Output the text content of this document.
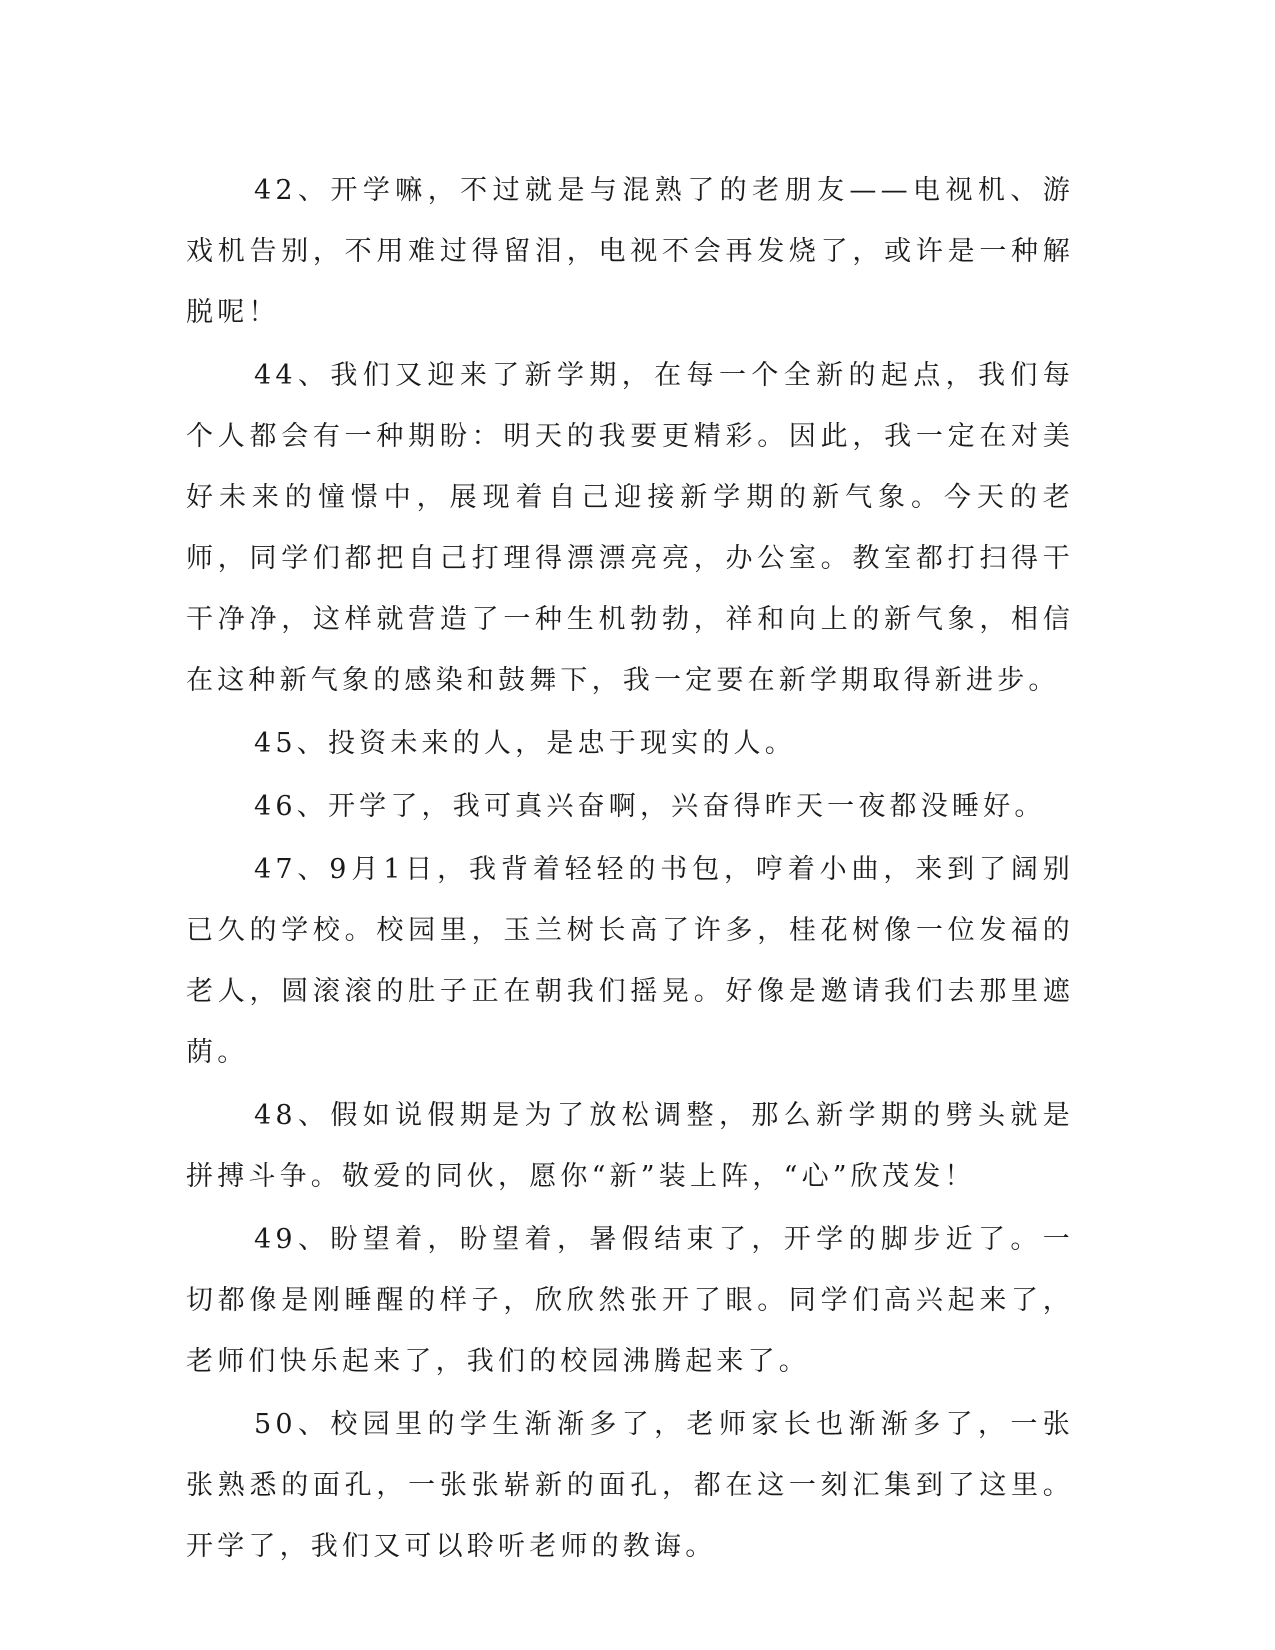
42、开学嘛，不过就是与混熟了的老朋友——电视机、游戏机告别，不用难过得留泪，电视不会再发烧了，或许是一种解脱呢！

44、我们又迎来了新学期，在每一个全新的起点，我们每个人都会有一种期盼：明天的我要更精彩。因此，我一定在对美好未来的憧憬中，展现着自己迎接新学期的新气象。今天的老师，同学们都把自己打理得漂漂亮亮，办公室。教室都打扫得干干净净，这样就营造了一种生机勃勃，祥和向上的新气象，相信在这种新气象的感染和鼓舞下，我一定要在新学期取得新进步。

45、投资未来的人，是忠于现实的人。

46、开学了，我可真兴奋啊，兴奋得昨天一夜都没睡好。

47、9月1日，我背着轻轻的书包，哼着小曲，来到了阔别已久的学校。校园里，玉兰树长高了许多，桂花树像一位发福的老人，圆滚滚的肚子正在朝我们摇晃。好像是邀请我们去那里遮荫。

48、假如说假期是为了放松调整，那么新学期的劈头就是拼搏斗争。敬爱的同伙，愿你“新”装上阵，“心”欣茂发！

49、盼望着，盼望着，暑假结束了，开学的脚步近了。一切都像是刚睡醒的样子，欣欣然张开了眼。同学们高兴起来了，老师们快乐起来了，我们的校园沸腾起来了。

50、校园里的学生渐渐多了，老师家长也渐渐多了，一张张熟悉的面孔，一张张崭新的面孔，都在这一刻汇集到了这里。开学了，我们又可以聆听老师的教诲。
